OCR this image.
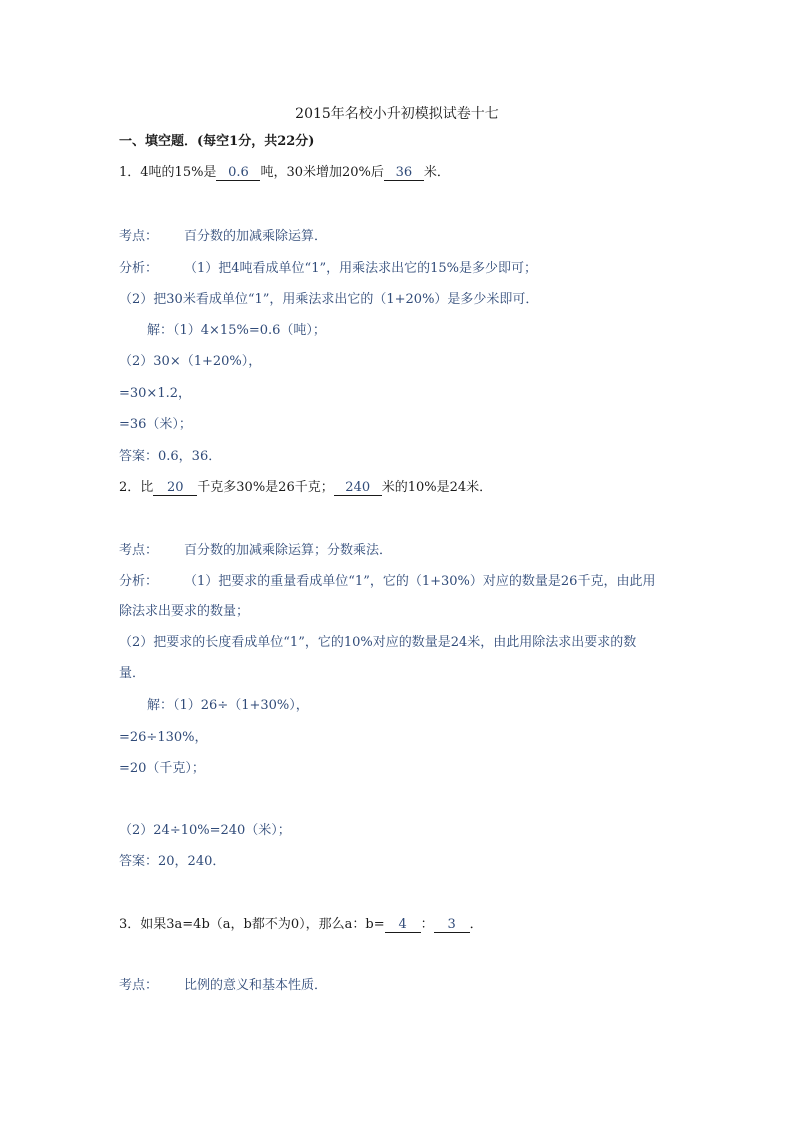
2015年名校小升初模拟试卷十七
一、填空题．(每空1分，共22分)
1．4吨的15%是 0.6 吨，30米增加20%后 36 米．
考点： 百分数的加减乘除运算．
分析： （1）把4吨看成单位“1”，用乘法求出它的15%是多少即可；
（2）把30米看成单位“1”，用乘法求出它的（1+20%）是多少米即可．
解：（1）4×15%=0.6（吨）；
（2）30×（1+20%），
=30×1.2，
=36（米）；
答案：0.6，36．
2．比 20 千克多30%是26千克； 240 米的10%是24米．
考点： 百分数的加减乘除运算；分数乘法．
分析： （1）把要求的重量看成单位“1”，它的（1+30%）对应的数量是26千克，由此用
除法求出要求的数量；
（2）把要求的长度看成单位“1”，它的10%对应的数量是24米，由此用除法求出要求的数
量．
解：（1）26÷（1+30%），
=26÷130%，
=20（千克）；
（2）24÷10%=240（米）；
答案：20，240．
3．如果3a=4b（a，b都不为0），那么a：b= 4 ： 3 ．
考点： 比例的意义和基本性质．
